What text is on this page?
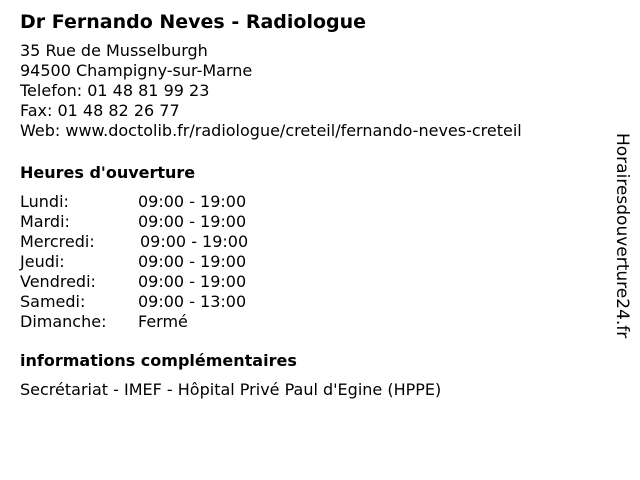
Dr Fernando Neves - Radiologue
35 Rue de Musselburgh
94500 Champigny-sur-Marne
Telefon: 01 48 81 99 23
Fax: 01 48 82 26 77
Web: www.doctolib.fr/radiologue/creteil/fernando-neves-creteil
Heures d'ouverture
Lundi:	09:00 - 19:00
Mardi:	09:00 - 19:00
Mercredi:	09:00 - 19:00
Jeudi:	09:00 - 19:00
Vendredi:	09:00 - 19:00
Samedi:	09:00 - 13:00
Dimanche:	Fermé
informations complémentaires
Secrétariat - IMEF - Hôpital Privé Paul d'Egine (HPPE)
Horairesdouverture24.fr
